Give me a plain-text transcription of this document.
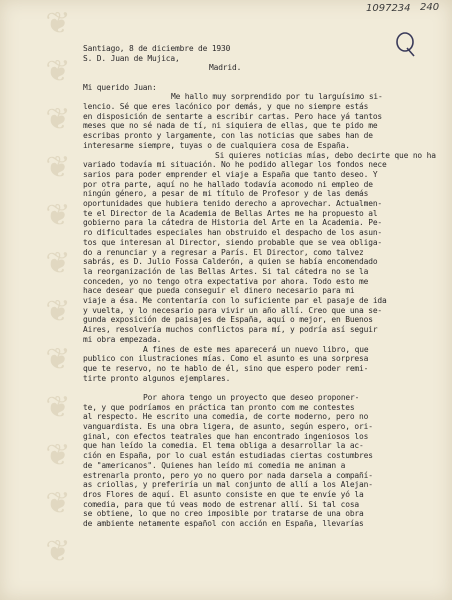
❦
❦
❦
❦
❦
❦
❦
❦
❦
❦
❦
❦
1097234 240
Santiago, 8 de diciembre de 1930
S. D. Juan de Mujica,
Madrid.
Mi querido Juan:
Me hallo muy sorprendido por tu larguísimo si-
lencio. Sé que eres lacónico por demás, y que no siempre estás
en disposición de sentarte a escribir cartas. Pero hace yá tantos
meses que no sé nada de tí, ni siquiera de ellas, que te pido me
escribas pronto y largamente, con las noticias que sabes han de
interesarme siempre, tuyas o de cualquiera cosa de España.
Si quieres noticias mías, debo decirte que no ha
variado todavía mi situación. No he podido allegar los fondos nece
sarios para poder emprender el viaje a España que tanto deseo. Y
por otra parte, aquí no he hallado todavía acomodo ni empleo de
ningún género, a pesar de mi título de Profesor y de las demás
oportunidades que hubiera tenido derecho a aprovechar. Actualmen-
te el Director de la Academia de Bellas Artes me ha propuesto al
gobierno para la cátedra de Historia del Arte en la Academia. Pe-
ro dificultades especiales han obstruido el despacho de los asun-
tos que interesan al Director, siendo probable que se vea obliga-
do a renunciar y a regresar a París. El Director, como talvez
sabrás, es D. Julio Fossa Calderón, a quien se había encomendado
la reorganización de las Bellas Artes. Si tal cátedra no se la
conceden, yo no tengo otra expectativa por ahora. Todo esto me
hace desear que pueda conseguir el dinero necesario para mi
viaje a ésa. Me contentaría con lo suficiente par el pasaje de ida
y vuelta, y lo necesario para vivir un año allí. Creo que una se-
gunda exposición de paisajes de España, aquí o mejor, en Buenos
Aires, resolvería muchos conflictos para mí, y podría así seguir
mi obra empezada.
A fines de este mes aparecerá un nuevo libro, que
publico con ilustraciones mías. Como el asunto es una sorpresa
que te reservo, no te hablo de él, sino que espero poder remi-
tirte pronto algunos ejemplares.
Por ahora tengo un proyecto que deseo proponer-
te, y que podríamos en práctica tan pronto com me contestes
al respecto. He escrito una comedia, de corte moderno, pero no
vanguardista. Es una obra ligera, de asunto, según espero, ori-
ginal, con efectos teatrales que han encontrado ingeniosos los
que han leído la comedia. El tema obliga a desarrollar la ac-
ción en España, por lo cual están estudiadas ciertas costumbres
de "americanos". Quienes han leído mi comedia me animan a
estrenarla pronto, pero yo no quero por nada darsela a compañí-
as criollas, y preferiría un mal conjunto de allí a los Alejan-
dros Flores de aquí. El asunto consiste en que te envíe yó la
comedia, para que tú veas modo de estrenar allí. Si tal cosa
se obtiene, lo que no creo imposible por tratarse de una obra
de ambiente netamente español con acción en España, llevarías
